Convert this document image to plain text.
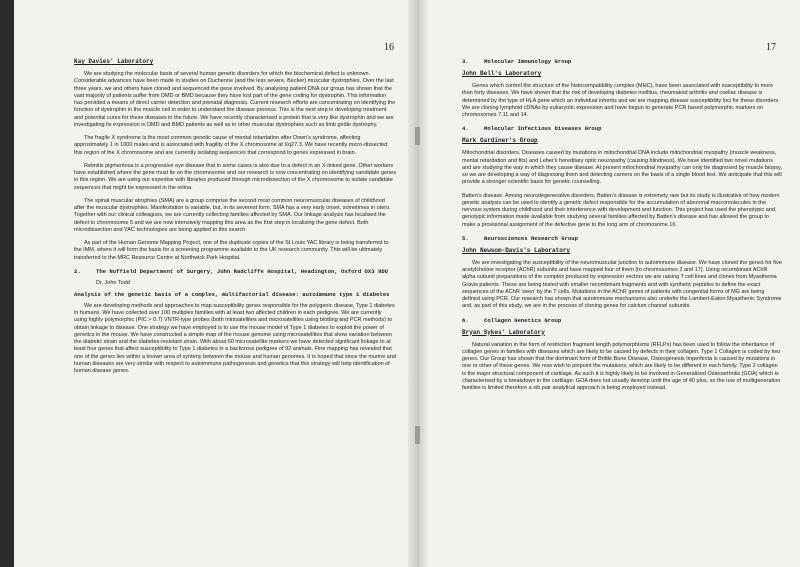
16	17
Kay Davies' Laboratory

We are studying the molecular basis of several human genetic disorders for which the biochemical defect is unknown. Considerable advances have been made in studies on Duchenne (and the less severe, Becker) muscular dystrophies. Over the last three years, we and others have cloned and sequenced the gene involved. By analysing patient DNA our group has shown that the vast majority of patients suffer from DMD or BMD because they have lost part of the gene coding for dystrophin. This information has provided a means of direct carrier detection and prenatal diagnosis. Current research efforts are concentrating on identifying the function of dystrophin in the muscle cell in order to understand the disease process. This is the next step in developing treatment and potential cures for these diseases in the future. We have recently characterised a protein that is very like dystrophin and we are investigating its expression in DMD and BMD patients as well as in other muscular dystrophies such as limb girdle dystrophy.

The fragile X syndrome is the most common genetic cause of mental retardation after Down's syndrome, affecting approximately 1 in 1000 males and is associated with fragility of the X chromosome at Xq27.3. We have recently micro-dissected this region of the X chromosome and are currently isolating sequences that correspond to genes expressed in brain.

Retinitis pigmentosa is a progressive eye disease that in some cases is also due to a defect in an X-linked gene. Other workers have established where the gene must lie on the chromosome and our research is now concentrating on identifying candidate genes in this region. We are using our expertise with libraries produced through microdissection of the X chromosome to isolate candidate sequences that might be expressed in the retina.

The spinal muscular atrophies (SMA) are a group comprise the second most common neuromuscular diseases of childhood after the muscular dystrophies. Manifestation is variable, but, in its severest form, SMA has a very early onset, sometimes in utero. Together with our clinical colleagues, we are currently collecting families affected by SMA. Our linkage analysis has localised the defect to chromosome 5 and we are now intensively mapping this area as the first step in localising the gene defect. Both microdissection and YAC technologies are being applied to this search.

As part of the Human Genome Mapping Project, one of the duplicate copies of the St Louis YAC library is being transferred to the IMM, where it will form the basis for a screening programme available to the UK research community. This will be ultimately transferred to the MRC Resource Centre at Northwick Park Hospital.

2.	The Nuffield Department of Surgery, John Radcliffe Hospital, Headington, Oxford OX3 9DU
Dr. John Todd
Analysis of the genetic basis of a complex, multifactorial disease: autoimmune type 1 diabetes

We are developing methods and approaches to map susceptibility genes responsible for the polygenic disease, Type 1 diabetes in humans. We have collected over 100 multiplex families with at least two affected children in each pedigree. We are currently using highly polymorphic (PIC > 0.7) VNTR-type probes (both minisatellites and microsatellites using blotting and PCR methods) to obtain linkage to disease. One strategy we have employed is to use the mouse model of Type 1 diabetes to exploit the power of genetics in the mouse. We have constructed a simple map of the mouse genome using microsatellites that show variation between the diabetic strain and the diabetes-resistant strain. With about 60 microsatellite markers we have detected significant linkage to at least four genes that affect susceptibility to Type 1 diabetes in a backcross pedigree of 92 animals. Fine mapping has revealed that one of the genes lies within a known area of synteny between the mouse and human genomes. It is hoped that since the murine and human diseases are very similar with respect to autoimmune pathogenesis and genetics that this strategy will help identification of human disease genes.

3.	Molecular Immunology Group
John Bell's Laboratory

Genes which control the structure of the histocompatibility complex (MHC), have been associated with susceptibility to more than forty diseases. We have shown that the risk of developing diabetes mellitus, rheumatoid arthritis and coeliac disease is determined by the type of HLA gene which an individual inherits and we are mapping disease susceptibility loci for these disorders. We are cloning lymphoid cDNAs by eukaryotic expression and have begun to generate PCR based polymorphic markers on chromosomes 7,11 and 14.

4.	Molecular Infectious Diseases Group
Mark Gardiner's Group

Mitochondrial disorders. Diseases caused by mutations in mitochondrial DNA include mitochondrial myopathy (muscle weakness, mental retardation and fits) and Leber's hereditary optic neuropathy (causing blindness). We have identified two novel mutations and are studying the way in which they cause disease. At present mitochondrial myopathy can only be diagnosed by muscle biopsy, so we are developing a way of diagnosing them and detecting carriers on the basis of a single blood test. We anticipate that this will provide a stronger scientific basis for genetic counselling.

Batten's disease. Among neurodegenerative disorders, Batten's disease is extremely rare but its study is illustrative of how modern genetic analysis can be used to identify a genetic defect responsible for the accumulation of abnormal macromolecules in the nervous system during childhood and their interference with development and function. This project has used the phenotypic and genotypic information made available from studying several families affected by Batten's disease and has allowed the group to make a provisional assignment of the defective gene to the long arm of chromosome 16.

5.	Neurosciences Research Group
John Newsom-Davis's Laboratory

We are investigating the susceptibility of the neuromuscular junction to autoimmune disease. We have cloned the genes for five acetylcholine receptor (AChR) subunits and have mapped four of them (to chromosomes 2 and 17). Using recombinant AChR alpha subunit preparations of the complex produced by expression vectors we are raising T cell lines and clones from Myasthenia Gravis patients. These are being tested with smaller recombinant fragments and with synthetic peptides to define the exact sequences of the AChR 'seen' by the T cells. Mutations in the AChR genes of patients with congenital forms of MG are being defined using PCR. Our research has shown that autoimmune mechanisms also underlie the Lambert-Eaton Myasthenic Syndrome and, as part of this study, we are in the process of cloning genes for calcium channel subunits.

6.	Collagen Genetics Group
Bryan Sykes' Laboratory

Natural variation in the form of restriction fragment length polymorphisms (RFLPs) has been used to follow the inheritance of collagen genes in families with diseases which are likely to be caused by defects in their collagen. Type 1 Collagen is coded by two genes. Our Group has shown that the dominant form of Brittle Bone Disease, Osteogenesis Imperfecta is caused by mutations in one or other of these genes. We now wish to pinpoint the mutations, which are likely to be different in each family. Type 2 collagen is the major structural component of cartilage. As such it is highly likely to be involved in Generalised Osteoarthritis (GOA) which is characterised by a breakdown in the cartilage. GOA does not usually develop until the age of 40 plus, so the use of multigeneration families is limited therefore a sib pair analytical approach is being employed instead.
